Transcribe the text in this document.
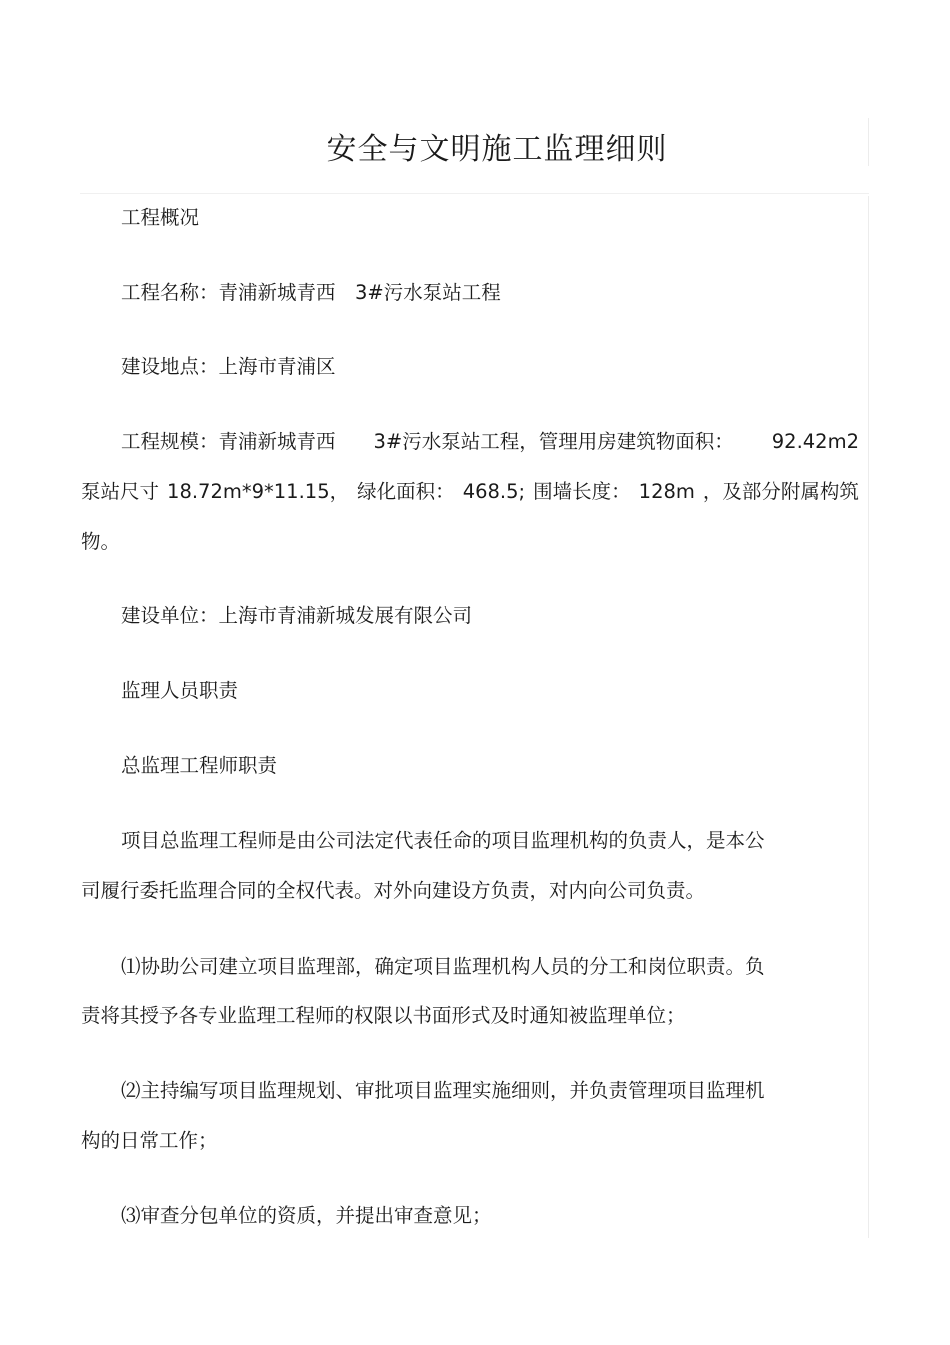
安全与文明施工监理细则
工程概况
工程名称：青浦新城青西　3#污水泵站工程
建设地点：上海市青浦区
工程规模：青浦新城青西 3#污水泵站工程，管理用房建筑物面积： 92.42m2
泵站尺寸 18.72m*9*11.15， 绿化面积： 468.5; 围墙长度： 128m ，及部分附属构筑
物。
建设单位：上海市青浦新城发展有限公司
监理人员职责
总监理工程师职责
项目总监理工程师是由公司法定代表任命的项目监理机构的负责人，是本公
司履行委托监理合同的全权代表。对外向建设方负责，对内向公司负责。
⑴协助公司建立项目监理部，确定项目监理机构人员的分工和岗位职责。负
责将其授予各专业监理工程师的权限以书面形式及时通知被监理单位；
⑵主持编写项目监理规划、审批项目监理实施细则，并负责管理项目监理机
构的日常工作；
⑶审查分包单位的资质，并提出审查意见；
